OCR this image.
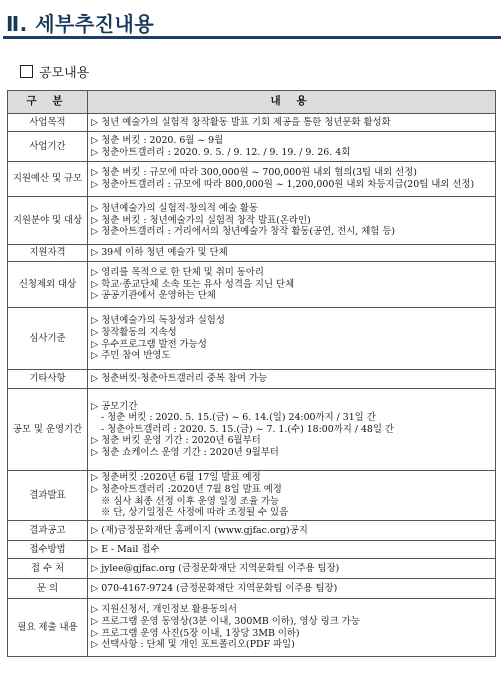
Ⅱ. 세부추진내용
공모내용
구 분	내 용
사업목적	▷ 청년 예술가의 실험적 창작활동 발표 기회 제공을 통한 청년문화 활성화

사업기간	▷ 청춘 버킷 : 2020. 6월 ~ 9월
▷ 청춘아트갤러리 : 2020. 9. 5. / 9. 12. / 9. 19. / 9. 26. 4회

지원예산 및 규모	▷ 청춘 버킷 : 규모에 따라 300,000원 ~ 700,000원 내외 협의(3팀 내외 선정)
▷ 청춘아트갤러리 : 규모에 따라 800,000원 ~ 1,200,000원 내외 차등지급(20팀 내외 선정)

지원분야 및 대상	▷ 청년예술가의 실험적·창의적 예술 활동
▷ 청춘 버킷 : 청년예술가의 실험적 창작 발표(온라인)
▷ 청춘아트갤러리 : 거리에서의 청년예술가 창작 활동(공연, 전시, 체험 등)

지원자격	▷ 39세 이하 청년 예술가 및 단체

신청제외 대상	▷ 영리를 목적으로 한 단체 및 취미 동아리
▷ 학교·종교단체 소속 또는 유사 성격을 지닌 단체
▷ 공공기관에서 운영하는 단체

심사기준	▷ 청년예술가의 독창성과 실험성
▷ 창작활동의 지속성
▷ 우수프로그램 발전 가능성
▷ 주민 참여 반영도

기타사항	▷ 청춘버킷·청춘아트갤러리 중복 참여 가능

공모 및 운영기간	▷ 공모기간
- 청춘 버킷 : 2020. 5. 15.(금) ~ 6. 14.(일) 24:00까지 / 31일 간
- 청춘아트갤러리 : 2020. 5. 15.(금) ~ 7. 1.(수) 18:00까지 / 48일 간
▷ 청춘 버킷 운영 기간 : 2020년 6월부터
▷ 청춘 쇼케이스 운영 기간 : 2020년 9월부터

결과발표	▷ 청춘버킷 :2020년 6월 17일 발표 예정
▷ 청춘아트갤러리 :2020년 7월 8일 발표 예정
※ 심사 최종 선정 이후 운영 일정 조율 가능
※ 단, 상기일정은 사정에 따라 조정될 수 있음

결과공고	▷ (재)금정문화재단 홈페이지 (www.gjfac.org)공지

접수방법	▷ E - Mail 접수

접 수 처	▷ jylee@gjfac.org (금정문화재단 지역문화팀 이주용 팀장)

문 의	▷ 070-4167-9724 (금정문화재단 지역문화팀 이주용 팀장)

필요 제출 내용	▷ 지원신청서, 개인정보 활용동의서
▷ 프로그램 운영 동영상(3분 이내, 300MB 이하), 영상 링크 가능
▷ 프로그램 운영 사진(5장 이내, 1장당 3MB 이하)
▷ 선택사항 : 단체 및 개인 포트폴리오(PDF 파일)
